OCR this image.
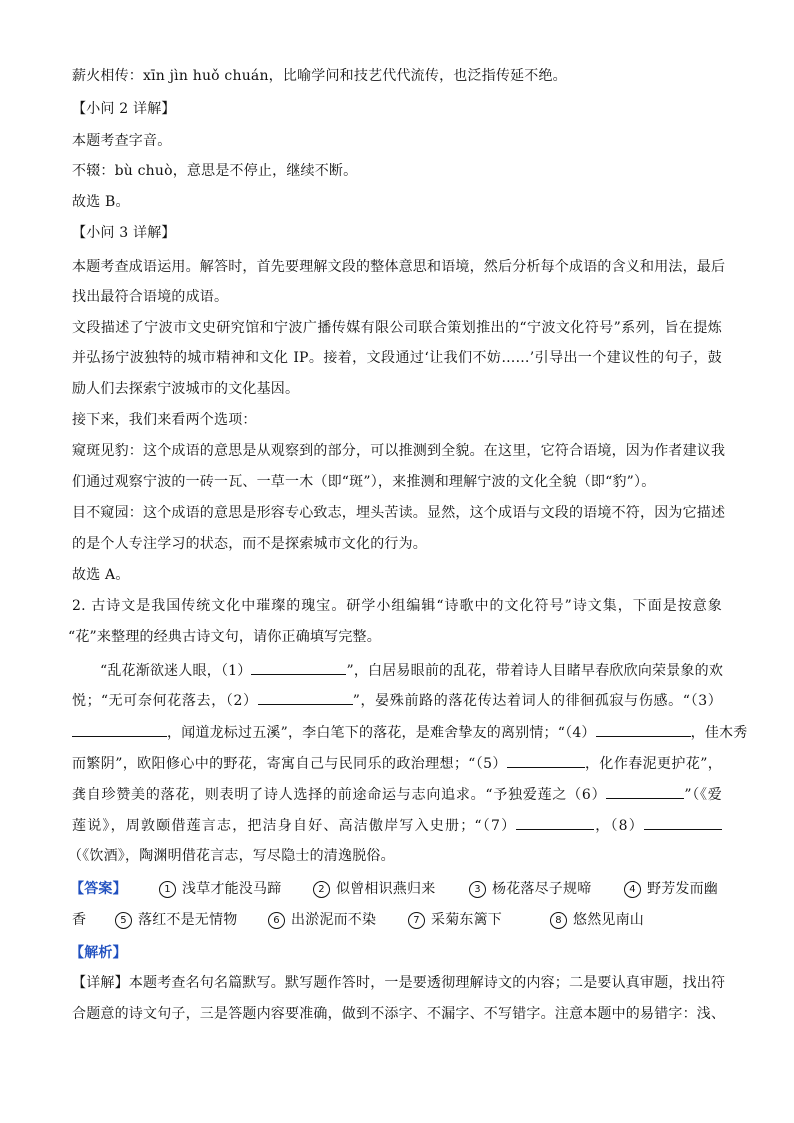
薪火相传：xīn jìn huǒ chuán，比喻学问和技艺代代流传，也泛指传延不绝。
【小问 2 详解】
本题考查字音。
不辍：bù chuò，意思是不停止，继续不断。
故选 B。
【小问 3 详解】
本题考查成语运用。解答时，首先要理解文段的整体意思和语境，然后分析每个成语的含义和用法，最后
找出最符合语境的成语。
文段描述了宁波市文史研究馆和宁波广播传媒有限公司联合策划推出的“宁波文化符号”系列，旨在提炼
并弘扬宁波独特的城市精神和文化 IP。接着，文段通过‘让我们不妨……’引导出一个建议性的句子，鼓
励人们去探索宁波城市的文化基因。
接下来，我们来看两个选项：
窥斑见豹：这个成语的意思是从观察到的部分，可以推测到全貌。在这里，它符合语境，因为作者建议我
们通过观察宁波的一砖一瓦、一草一木（即“斑”），来推测和理解宁波的文化全貌（即“豹”）。
目不窥园：这个成语的意思是形容专心致志，埋头苦读。显然，这个成语与文段的语境不符，因为它描述
的是个人专注学习的状态，而不是探索城市文化的行为。
故选 A。
2. 古诗文是我国传统文化中璀璨的瑰宝。研学小组编辑“诗歌中的文化符号”诗文集，下面是按意象
“花”来整理的经典古诗文句，请你正确填写完整。
“乱花渐欲迷人眼，（1）	”，白居易眼前的乱花，带着诗人目睹早春欣欣向荣景象的欢
悦；“无可奈何花落去，（2）	”，晏殊前路的落花传达着词人的徘徊孤寂与伤感。“（3）
，闻道龙标过五溪”，李白笔下的落花，是难舍挚友的离别情；“（4）	，佳木秀
而繁阴”，欧阳修心中的野花，寄寓自己与民同乐的政治理想；“（5）	，化作春泥更护花”，
龚自珍赞美的落花，则表明了诗人选择的前途命运与志向追求。“予独爱莲之（6）	”（《爱
莲说》，周敦颐借莲言志，把洁身自好、高洁傲岸写入史册；“（7）	，（8）
（《饮酒》，陶渊明借花言志，写尽隐士的清逸脱俗。
【答案】	1 浅草才能没马蹄	2 似曾相识燕归来	3 杨花落尽子规啼	4 野芳发而幽
香	5 落红不是无情物	6 出淤泥而不染	7 采菊东篱下	8 悠然见南山
【解析】
【详解】本题考查名句名篇默写。默写题作答时，一是要透彻理解诗文的内容；二是要认真审题，找出符
合题意的诗文句子，三是答题内容要准确，做到不添字、不漏字、不写错字。注意本题中的易错字：浅、
